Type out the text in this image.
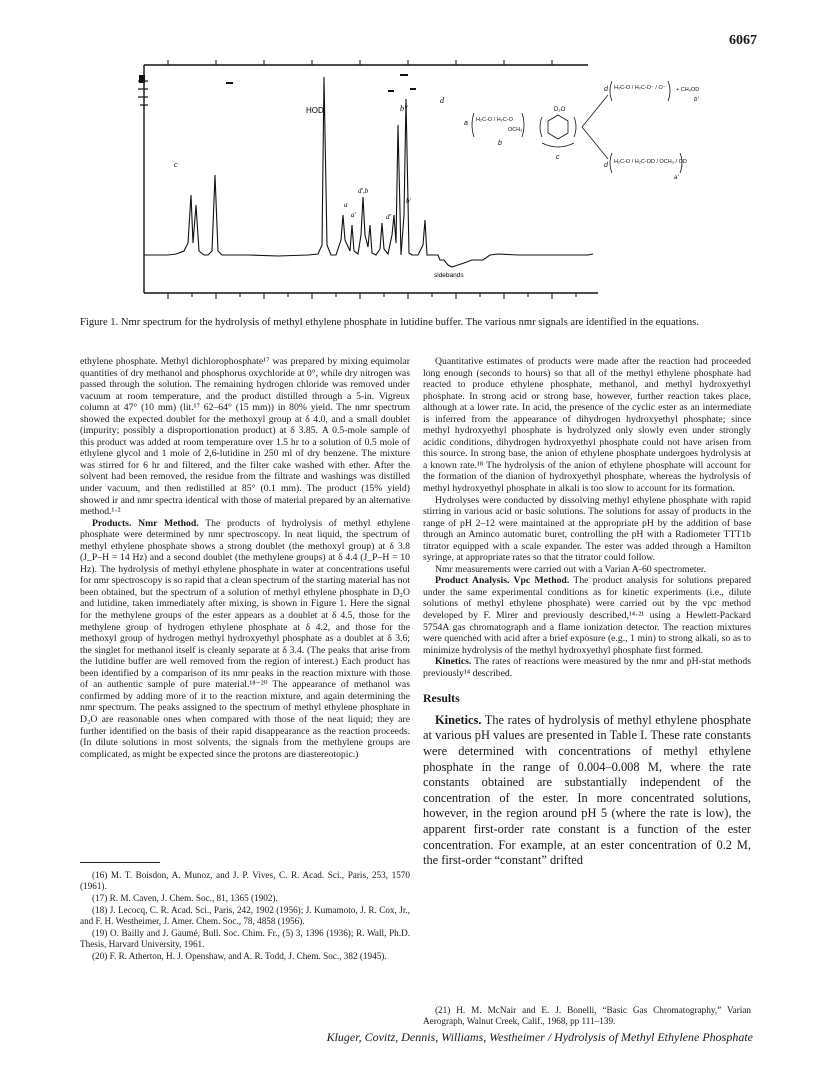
6067
HOD
c
d
b''
a
a'
d',b
d'
b'
sidebands
a H₂C-O / H₂C-O
OCH₃
b
D₂O
c
d
d
H₂C-O / H₂C-O⁻ / O⁻ + CH₃OD
b'
H₂C-O / H₂C-OD / OCH₃ / OD
a'
Figure 1. Nmr spectrum for the hydrolysis of methyl ethylene phosphate in lutidine buffer. The various nmr signals are identified in the equations.

ethylene phosphate. Methyl dichlorophosphate¹⁷ was prepared by mixing equimolar quantities of dry methanol and phosphorus oxychloride at 0°, while dry nitrogen was passed through the solution. The remaining hydrogen chloride was removed under vacuum at room temperature, and the product distilled through a 5-in. Vigreux column at 47° (10 mm) (lit.¹⁷ 62–64° (15 mm)) in 80% yield. The nmr spectrum showed the expected doublet for the methoxyl group at δ 4.0, and a small doublet (impurity; possibly a disproportionation product) at δ 3.85. A 0.5-mole sample of this product was added at room temperature over 1.5 hr to a solution of 0.5 mole of ethylene glycol and 1 mole of 2,6-lutidine in 250 ml of dry benzene. The mixture was stirred for 6 hr and filtered, and the filter cake washed with ether. After the solvent had been removed, the residue from the filtrate and washings was distilled under vacuum, and then redistilled at 85° (0.1 mm). The product (15% yield) showed ir and nmr spectra identical with those of material prepared by an alternative method.¹·²

Products. Nmr Method. The products of hydrolysis of methyl ethylene phosphate were determined by nmr spectroscopy. In neat liquid, the spectrum of methyl ethylene phosphate shows a strong doublet (the methoxyl group) at δ 3.8 (J_P–H = 14 Hz) and a second doublet (the methylene groups) at δ 4.4 (J_P–H = 10 Hz). The hydrolysis of methyl ethylene phosphate in water at concentrations useful for nmr spectroscopy is so rapid that a clean spectrum of the starting material has not been obtained, but the spectrum of a solution of methyl ethylene phosphate in D₂O and lutidine, taken immediately after mixing, is shown in Figure 1. Here the signal for the methylene groups of the ester appears as a doublet at δ 4.5, those for the methylene group of hydrogen ethylene phosphate at δ 4.2, and those for the methoxyl group of hydrogen methyl hydroxyethyl phosphate as a doublet at δ 3.6; the singlet for methanol itself is cleanly separate at δ 3.4. (The peaks that arise from the lutidine buffer are well removed from the region of interest.) Each product has been identified by a comparison of its nmr peaks in the reaction mixture with those of an authentic sample of pure material.¹⁸⁻²⁰ The appearance of methanol was confirmed by adding more of it to the reaction mixture, and again determining the nmr spectrum. The peaks assigned to the spectrum of methyl ethylene phosphate in D₂O are reasonable ones when compared with those of the neat liquid; they are further identified on the basis of their rapid disappearance as the reaction proceeds. (In dilute solutions in most solvents, the signals from the methylene groups are complicated, as might be expected since the protons are diasterеotopic.)

(16) M. T. Boisdon, A. Munoz, and J. P. Vives, C. R. Acad. Sci., Paris, 253, 1570 (1961).

(17) R. M. Caven, J. Chem. Soc., 81, 1365 (1902).

(18) J. Lecocq, C. R. Acad. Sci., Paris, 242, 1902 (1956); J. Kumamoto, J. R. Cox, Jr., and F. H. Westheimer, J. Amer. Chem. Soc., 78, 4858 (1956).

(19) O. Bailly and J. Gaumé, Bull. Soc. Chim. Fr., (5) 3, 1396 (1936); R. Wall, Ph.D. Thesis, Harvard University, 1961.

(20) F. R. Atherton, H. J. Openshaw, and A. R. Todd, J. Chem. Soc., 382 (1945).

Quantitative estimates of products were made after the reaction had proceeded long enough (seconds to hours) so that all of the methyl ethylene phosphate had reacted to produce ethylene phosphate, methanol, and methyl hydroxyethyl phosphate. In strong acid or strong base, however, further reaction takes place, although at a lower rate. In acid, the presence of the cyclic ester as an intermediate is inferred from the appearance of dihydrogen hydroxyethyl phosphate; since methyl hydroxyethyl phosphate is hydrolyzed only slowly even under strongly acidic conditions, dihydrogen hydroxyethyl phosphate could not have arisen from this source. In strong base, the anion of ethylene phosphate undergoes hydrolysis at a known rate.¹⁸ The hydrolysis of the anion of ethylene phosphate will account for the formation of the dianion of hydroxyethyl phosphate, whereas the hydrolysis of methyl hydroxyethyl phosphate in alkali is too slow to account for its formation.

Hydrolyses were conducted by dissolving methyl ethylene phosphate with rapid stirring in various acid or basic solutions. The solutions for assay of products in the range of pH 2–12 were maintained at the appropriate pH by the addition of base through an Aminco automatic buret, controlling the pH with a Radiometer TTT1b titrator equipped with a scale expander. The ester was added through a Hamilton syringe, at appropriate rates so that the titrator could follow.

Nmr measurements were carried out with a Varian A-60 spectrometer.

Product Analysis. Vpc Method. The product analysis for solutions prepared under the same experimental conditions as for kinetic experiments (i.e., dilute solutions of methyl ethylene phosphate) were carried out by the vpc method developed by F. Mirer and previously described,¹⁴·²¹ using a Hewlett-Packard 5754A gas chromatograph and a flame ionization detector. The reaction mixtures were quenched with acid after a brief exposure (e.g., 1 min) to strong alkali, so as to minimize hydrolysis of the methyl hydroxyethyl phosphate first formed.

Kinetics. The rates of reactions were measured by the nmr and pH-stat methods previously¹⁴ described.

Results

Kinetics. The rates of hydrolysis of methyl ethylene phosphate at various pH values are presented in Table I. These rate constants were determined with concentrations of methyl ethylene phosphate in the range of 0.004–0.008 M, where the rate constants obtained are substantially independent of the concentration of the ester. In more concentrated solutions, however, in the region around pH 5 (where the rate is low), the apparent first-order rate constant is a function of the ester concentration. For example, at an ester concentration of 0.2 M, the first-order “constant” drifted

(21) H. M. McNair and E. J. Bonelli, “Basic Gas Chromatography,” Varian Aerograph, Walnut Creek, Calif., 1968, pp 111–139.

Kluger, Covitz, Dennis, Williams, Westheimer / Hydrolysis of Methyl Ethylene Phosphate
